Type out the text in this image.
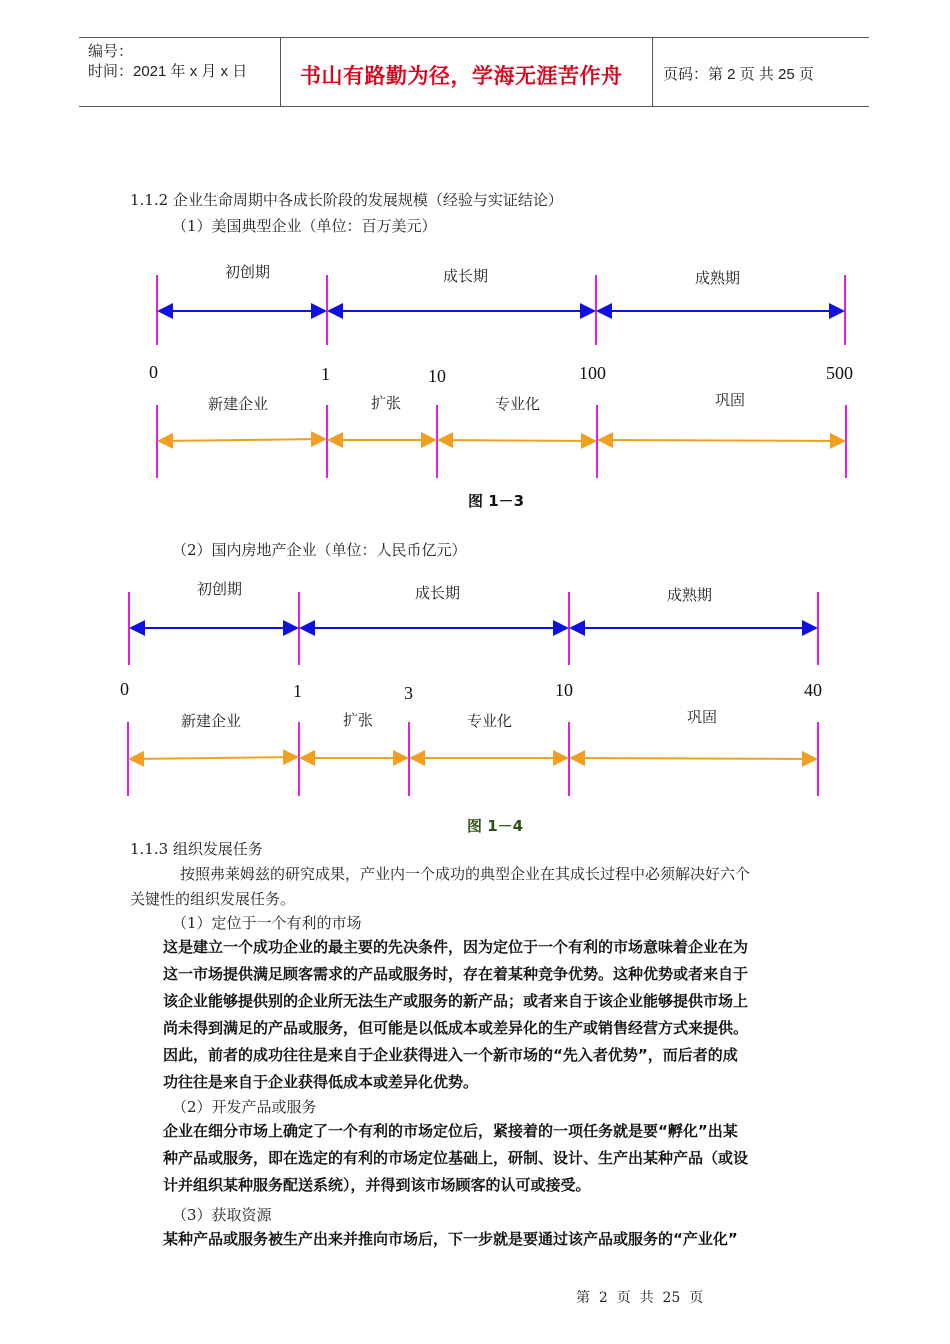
编号：
时间：2021 年 x 月 x 日	书山有路勤为径，学海无涯苦作舟	页码：第 2 页 共 25 页
1.1.2 企业生命周期中各成长阶段的发展规模（经验与实证结论）
（1）美国典型企业（单位：百万美元）
初创期	成长期	成熟期
0	1	10	100	500
新建企业	扩张	专业化	巩固
图 1－3
（2）国内房地产企业（单位：人民币亿元）
初创期	成长期	成熟期
0	1	3	10	40
新建企业	扩张	专业化	巩固
图 1－4
1.1.3 组织发展任务
按照弗莱姆兹的研究成果，产业内一个成功的典型企业在其成长过程中必须解决好六个
关键性的组织发展任务。
（1）定位于一个有利的市场
这是建立一个成功企业的最主要的先决条件，因为定位于一个有利的市场意味着企业在为
这一市场提供满足顾客需求的产品或服务时，存在着某种竞争优势。这种优势或者来自于
该企业能够提供别的企业所无法生产或服务的新产品；或者来自于该企业能够提供市场上
尚未得到满足的产品或服务，但可能是以低成本或差异化的生产或销售经营方式来提供。
因此，前者的成功往往是来自于企业获得进入一个新市场的“先入者优势”，而后者的成
功往往是来自于企业获得低成本或差异化优势。
（2）开发产品或服务
企业在细分市场上确定了一个有利的市场定位后，紧接着的一项任务就是要“孵化”出某
种产品或服务，即在选定的有利的市场定位基础上，研制、设计、生产出某种产品（或设
计并组织某种服务配送系统），并得到该市场顾客的认可或接受。
（3）获取资源
某种产品或服务被生产出来并推向市场后，下一步就是要通过该产品或服务的“产业化”
第  2  页  共  25  页
